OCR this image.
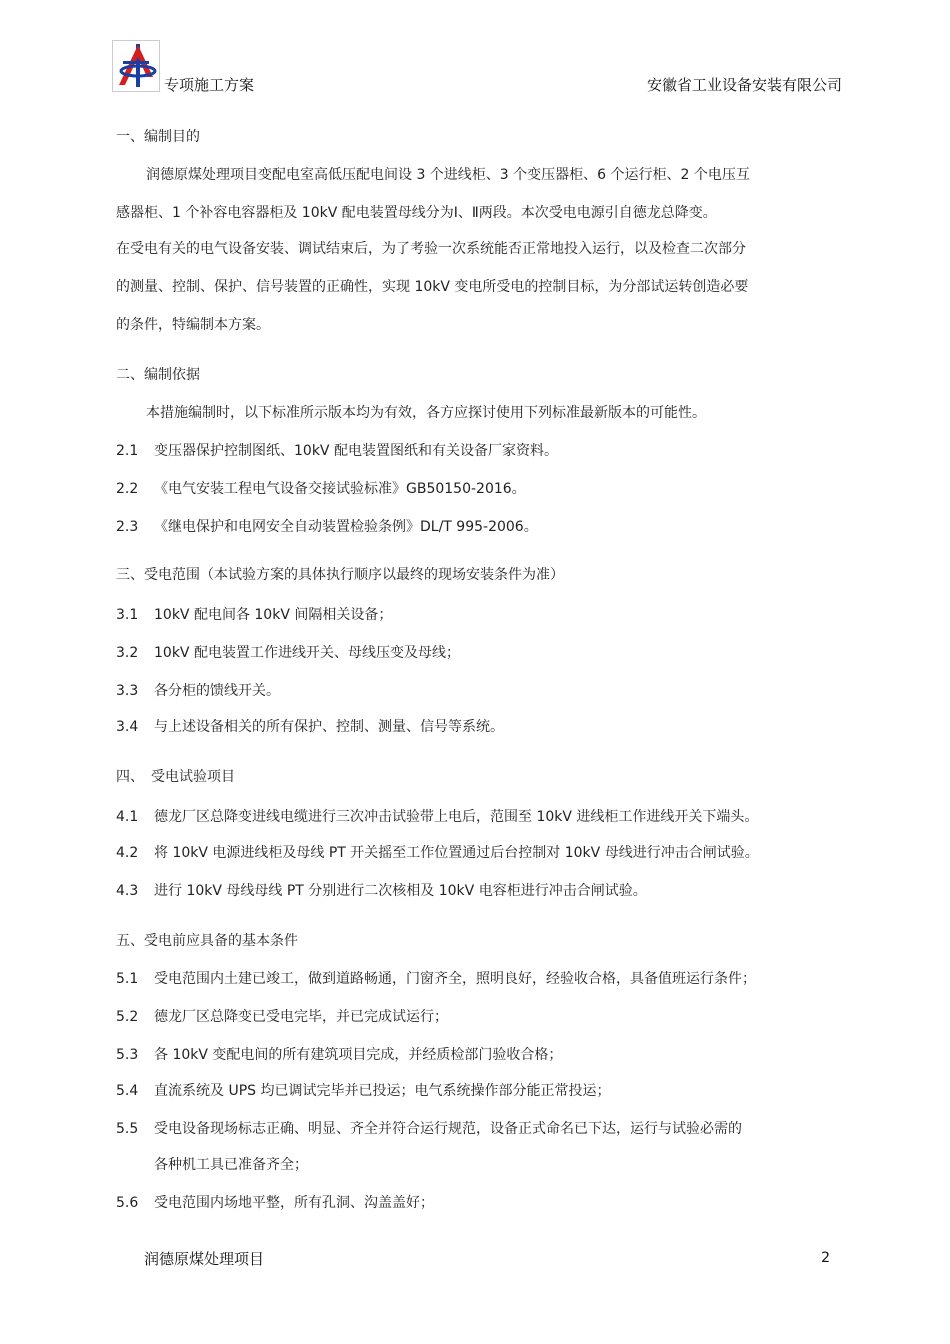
专项施工方案	安徽省工业设备安装有限公司
一、编制目的
润德原煤处理项目变配电室高低压配电间设 3 个进线柜、3 个变压器柜、6 个运行柜、2 个电压互
感器柜、1 个补容电容器柜及 10kV 配电装置母线分为Ⅰ、Ⅱ两段。本次受电电源引自德龙总降变。
在受电有关的电气设备安装、调试结束后，为了考验一次系统能否正常地投入运行，以及检查二次部分
的测量、控制、保护、信号装置的正确性，实现 10kV 变电所受电的控制目标，为分部试运转创造必要
的条件，特编制本方案。
二、编制依据
本措施编制时，以下标准所示版本均为有效，各方应探讨使用下列标准最新版本的可能性。
2.1 变压器保护控制图纸、10kV 配电装置图纸和有关设备厂家资料。
2.2 《电气安装工程电气设备交接试验标准》GB50150-2016。
2.3 《继电保护和电网安全自动装置检验条例》DL/T 995-2006。
三、受电范围（本试验方案的具体执行顺序以最终的现场安装条件为准）
3.1 10kV 配电间各 10kV 间隔相关设备；
3.2 10kV 配电装置工作进线开关、母线压变及母线；
3.3 各分柜的馈线开关。
3.4 与上述设备相关的所有保护、控制、测量、信号等系统。
四、　受电试验项目
4.1 德龙厂区总降变进线电缆进行三次冲击试验带上电后，范围至 10kV 进线柜工作进线开关下端头。
4.2 将 10kV 电源进线柜及母线 PT 开关摇至工作位置通过后台控制对 10kV 母线进行冲击合闸试验。
4.3 进行 10kV 母线母线 PT 分别进行二次核相及 10kV 电容柜进行冲击合闸试验。
五、受电前应具备的基本条件
5.1 受电范围内土建已竣工，做到道路畅通，门窗齐全，照明良好，经验收合格，具备值班运行条件；
5.2 德龙厂区总降变已受电完毕，并已完成试运行；
5.3 各 10kV 变配电间的所有建筑项目完成，并经质检部门验收合格；
5.4 直流系统及 UPS 均已调试完毕并已投运；电气系统操作部分能正常投运；
5.5 受电设备现场标志正确、明显、齐全并符合运行规范，设备正式命名已下达，运行与试验必需的
各种机工具已准备齐全；
5.6 受电范围内场地平整，所有孔洞、沟盖盖好；
润德原煤处理项目	2
